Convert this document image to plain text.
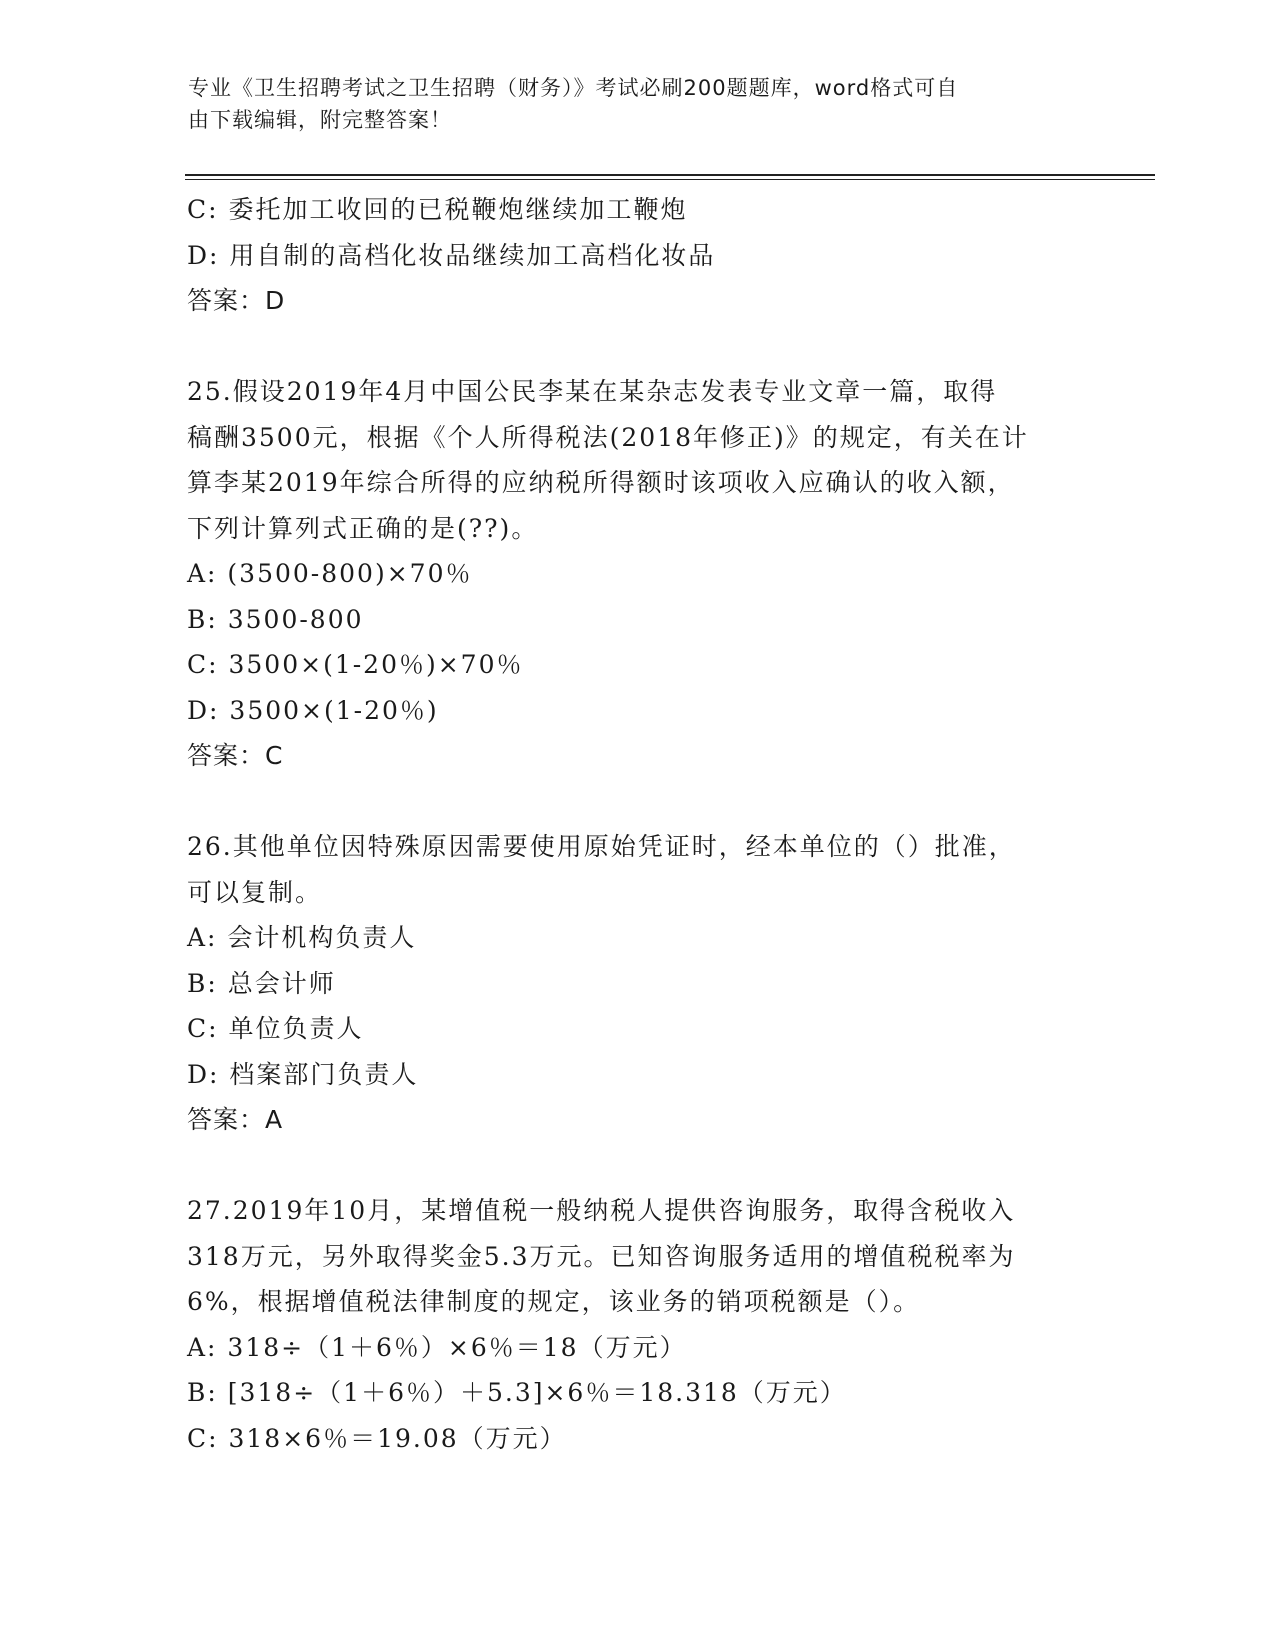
专业《卫生招聘考试之卫生招聘（财务）》考试必刷200题题库，word格式可自
由下载编辑，附完整答案！
C: 委托加工收回的已税鞭炮继续加工鞭炮
D: 用自制的高档化妆品继续加工高档化妆品
答案：D
25.假设2019年4月中国公民李某在某杂志发表专业文章一篇，取得
稿酬3500元，根据《个人所得税法(2018年修正)》的规定，有关在计
算李某2019年综合所得的应纳税所得额时该项收入应确认的收入额，
下列计算列式正确的是(??)。
A: (3500-800)×70％
B: 3500-800
C: 3500×(1-20％)×70％
D: 3500×(1-20％)
答案：C
26.其他单位因特殊原因需要使用原始凭证时，经本单位的（）批准，
可以复制。
A: 会计机构负责人
B: 总会计师
C: 单位负责人
D: 档案部门负责人
答案：A
27.2019年10月，某增值税一般纳税人提供咨询服务，取得含税收入
318万元，另外取得奖金5.3万元。已知咨询服务适用的增值税税率为
6%，根据增值税法律制度的规定，该业务的销项税额是（）。
A: 318÷（1＋6％）×6％＝18（万元）
B: [318÷（1＋6％）＋5.3]×6％＝18.318（万元）
C: 318×6％＝19.08（万元）
